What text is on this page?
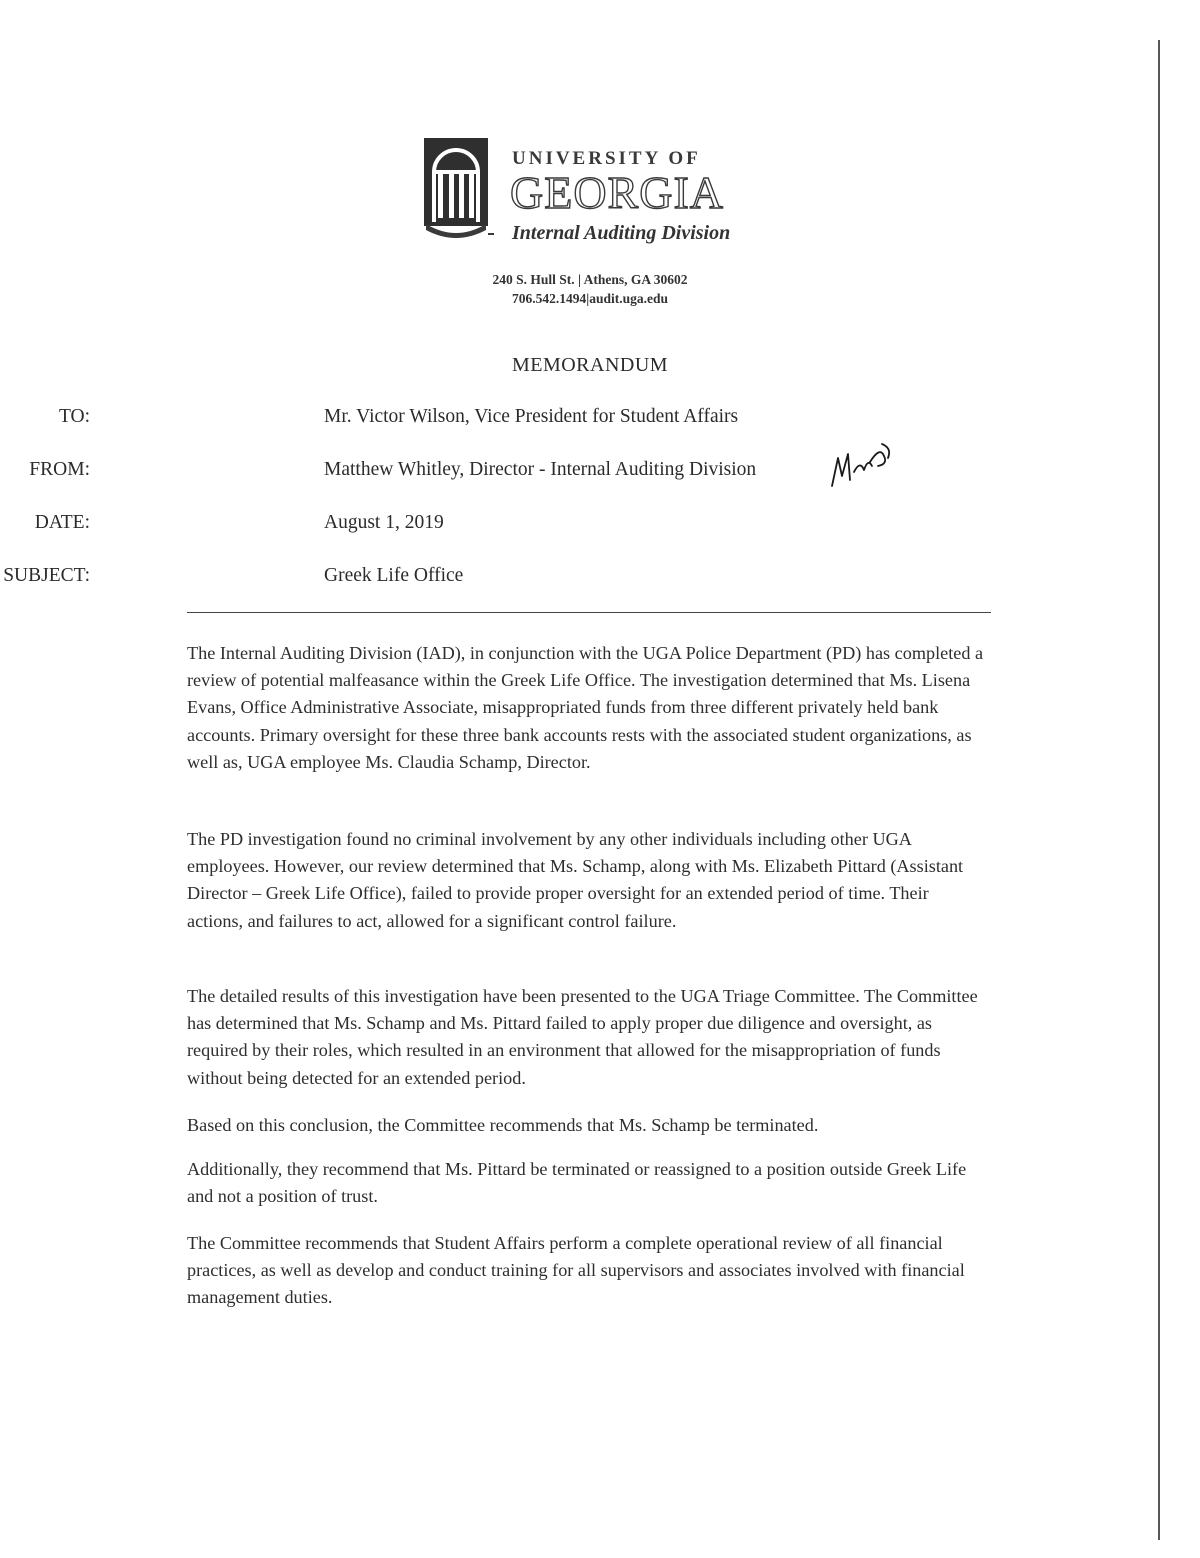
UNIVERSITY OF
GEORGIA
Internal Auditing Division
240 S. Hull St. | Athens, GA 30602
706.542.1494|audit.uga.edu
MEMORANDUM
TO:	Mr. Victor Wilson, Vice President for Student Affairs
FROM:	Matthew Whitley, Director - Internal Auditing Division
DATE:	August 1, 2019
SUBJECT:	Greek Life Office

The Internal Auditing Division (IAD), in conjunction with the UGA Police Department (PD) has completed a review of potential malfeasance within the Greek Life Office. The investigation determined that Ms. Lisena Evans, Office Administrative Associate, misappropriated funds from three different privately held bank accounts. Primary oversight for these three bank accounts rests with the associated student organizations, as well as, UGA employee Ms. Claudia Schamp, Director.

The PD investigation found no criminal involvement by any other individuals including other UGA employees. However, our review determined that Ms. Schamp, along with Ms. Elizabeth Pittard (Assistant Director – Greek Life Office), failed to provide proper oversight for an extended period of time. Their actions, and failures to act, allowed for a significant control failure.

The detailed results of this investigation have been presented to the UGA Triage Committee. The Committee has determined that Ms. Schamp and Ms. Pittard failed to apply proper due diligence and oversight, as required by their roles, which resulted in an environment that allowed for the misappropriation of funds without being detected for an extended period.

Based on this conclusion, the Committee recommends that Ms. Schamp be terminated.

Additionally, they recommend that Ms. Pittard be terminated or reassigned to a position outside Greek Life and not a position of trust.

The Committee recommends that Student Affairs perform a complete operational review of all financial practices, as well as develop and conduct training for all supervisors and associates involved with financial management duties.
